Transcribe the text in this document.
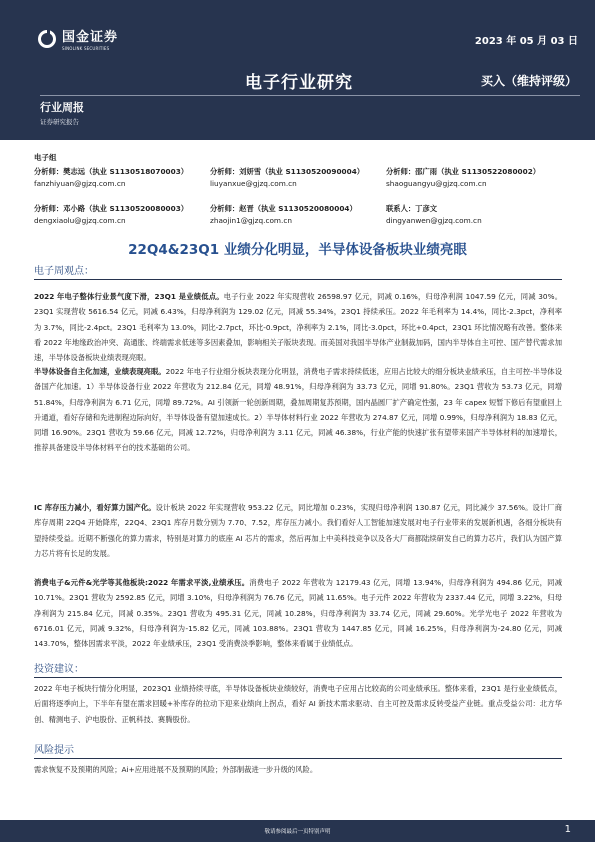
国金证券
SINOLINK SECURITIES
2023 年 05 月 03 日
电子行业研究	买入（维持评级）
行业周报
证券研究报告
电子组
分析师：樊志远（执业 S1130518070003）
fanzhiyuan@gjzq.com.cn
分析师：刘妍雪（执业 S1130520090004）
liuyanxue@gjzq.com.cn
分析师：邵广雨（执业 S1130522080002）
shaoguangyu@gjzq.com.cn
分析师：邓小路（执业 S1130520080003）
dengxiaolu@gjzq.com.cn
分析师：赵晋（执业 S1130520080004）
zhaojin1@gjzq.com.cn
联系人：丁彦文
dingyanwen@gjzq.com.cn
22Q4&23Q1 业绩分化明显，半导体设备板块业绩亮眼
电子周观点：
2022 年电子整体行业景气度下滑，23Q1 是业绩低点。电子行业 2022 年实现营收 26598.97 亿元，同减 0.16%，归母净利润 1047.59 亿元，同减 30%。23Q1 实现营收 5616.54 亿元，同减 6.43%，归母净利润为 129.02 亿元，同减 55.34%，23Q1 持续承压。2022 年毛利率为 14.4%，同比-2.3pct，净利率为 3.7%，同比-2.4pct。23Q1 毛利率为 13.0%，同比-2.7pct，环比-0.9pct，净利率为 2.1%，同比-3.0pct，环比+0.4pct，23Q1 环比情况略有改善。整体来看 2022 年地缘政治冲突、高通胀、终端需求低迷等多因素叠加，影响相关子版块表现。而美国对我国半导体产业制裁加码，国内半导体自主可控、国产替代需求加速，半导体设备板块业绩表现亮眼。
半导体设备自主化加速，业绩表现亮眼。2022 年电子行业细分板块表现分化明显，消费电子需求持续低迷，应用占比较大的细分板块业绩承压，自主可控-半导体设备国产化加速。1）半导体设备行业 2022 年营收为 212.84 亿元，同增 48.91%，归母净利润为 33.73 亿元，同增 91.80%。23Q1 营收为 53.73 亿元，同增 51.84%，归母净利润为 6.71 亿元，同增 89.72%。AI 引领新一轮创新周期，叠加周期复苏预期，国内晶圆厂扩产确定性强，23 年 capex 短暂下修后有望重回上升通道，看好存储和先进制程边际向好，半导体设备有望加速成长。2）半导体材料行业 2022 年营收为 274.87 亿元，同增 0.99%，归母净利润为 18.83 亿元，同增 16.90%。23Q1 营收为 59.66 亿元，同减 12.72%，归母净利润为 3.11 亿元，同减 46.38%，行业产能的快速扩张有望带来国产半导体材料的加速增长，推荐具备建设半导体材料平台的技术基础的公司。
IC 库存压力减小，看好算力国产化。设计板块 2022 年实现营收 953.22 亿元，同比增加 0.23%，实现归母净利润 130.87 亿元，同比减少 37.56%。设计厂商库存周期 22Q4 开始降库，22Q4、23Q1 库存月数分别为 7.70、7.52，库存压力减小。我们看好人工智能加速发展对电子行业带来的发展新机遇，各细分板块有望持续受益。近期不断强化的算力需求，特别是对算力的底座 AI 芯片的需求，然后再加上中美科技竞争以及各大厂商都陆续研发自己的算力芯片，我们认为国产算力芯片将有长足的发展。
消费电子&元件&光学等其他板块:2022 年需求平淡,业绩承压。消费电子 2022 年营收为 12179.43 亿元，同增 13.94%，归母净利润为 494.86 亿元，同减 10.71%。23Q1 营收为 2592.85 亿元，同增 3.10%，归母净利润为 76.76 亿元，同减 11.65%。电子元件 2022 年营收为 2337.44 亿元，同增 3.22%，归母净利润为 215.84 亿元，同减 0.35%。23Q1 营收为 495.31 亿元，同减 10.28%，归母净利润为 33.74 亿元，同减 29.60%。光学光电子 2022 年营收为 6716.01 亿元，同减 9.32%，归母净利润为-15.82 亿元，同减 103.88%。23Q1 营收为 1447.85 亿元，同减 16.25%，归母净利润为-24.80 亿元，同减 143.70%，整体因需求平淡，2022 年业绩承压，23Q1 受消费淡季影响，整体来看属于业绩低点。
投资建议：
2022 年电子板块行情分化明显，2023Q1 业绩持续寻底，半导体设备板块业绩较好，消费电子应用占比较高的公司业绩承压。整体来看，23Q1 是行业业绩低点，后面将逐季向上，下半年有望在需求回暖+补库存的拉动下迎来业绩向上拐点，看好 AI 新技术需求驱动、自主可控及需求反转受益产业链。重点受益公司：北方华创、精测电子、沪电股份、正帆科技、赛腾股份。
风险提示
需求恢复不及预期的风险；Ai+应用进展不及预期的风险；外部制裁进一步升级的风险。
敬请参阅最后一页特别声明	1
